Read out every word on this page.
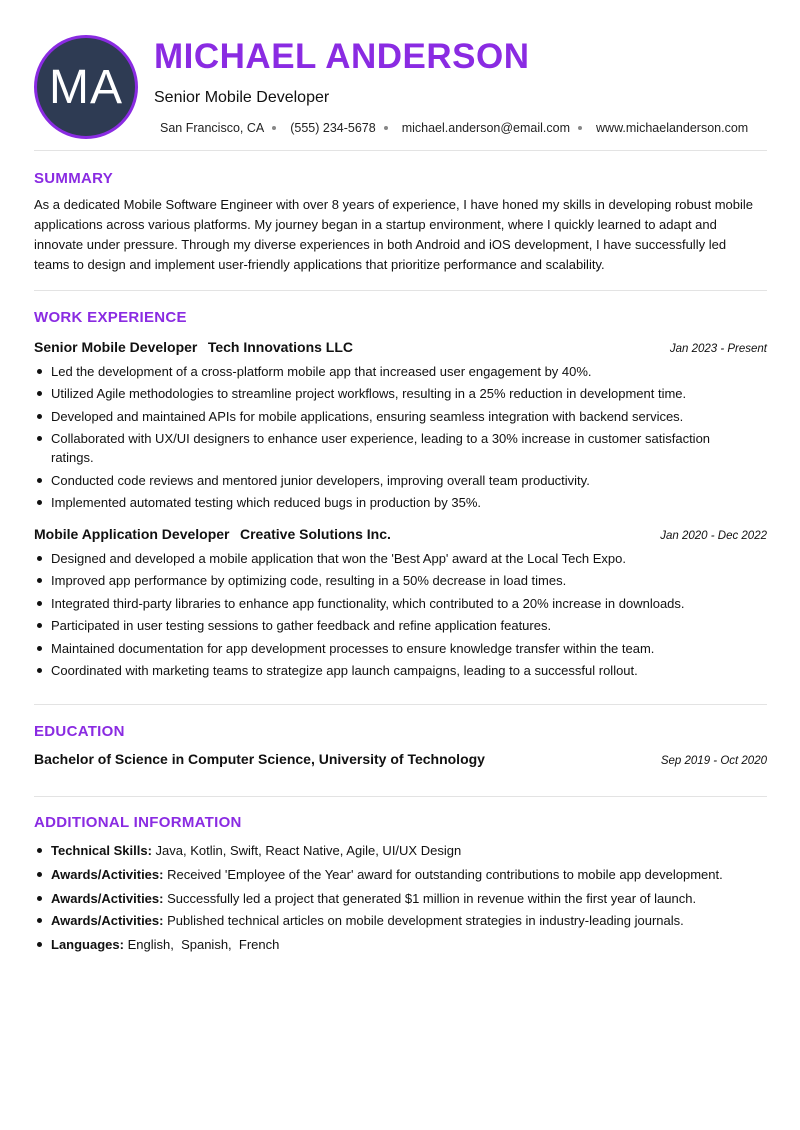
MA
MICHAEL ANDERSON
Senior Mobile Developer
San Francisco, CA (555) 234-5678 michael.anderson@email.com www.michaelanderson.com
SUMMARY

As a dedicated Mobile Software Engineer with over 8 years of experience, I have honed my skills in developing robust mobile applications across various platforms. My journey began in a startup environment, where I quickly learned to adapt and innovate under pressure. Through my diverse experiences in both Android and iOS development, I have successfully led teams to design and implement user-friendly applications that prioritize performance and scalability.

WORK EXPERIENCE
Senior Mobile Developer Tech Innovations LLC	Jan 2023 - Present
Led the development of a cross-platform mobile app that increased user engagement by 40%.
Utilized Agile methodologies to streamline project workflows, resulting in a 25% reduction in development time.
Developed and maintained APIs for mobile applications, ensuring seamless integration with backend services.
Collaborated with UX/UI designers to enhance user experience, leading to a 30% increase in customer satisfaction ratings.
Conducted code reviews and mentored junior developers, improving overall team productivity.
Implemented automated testing which reduced bugs in production by 35%.
Mobile Application Developer Creative Solutions Inc.	Jan 2020 - Dec 2022
Designed and developed a mobile application that won the 'Best App' award at the Local Tech Expo.
Improved app performance by optimizing code, resulting in a 50% decrease in load times.
Integrated third-party libraries to enhance app functionality, which contributed to a 20% increase in downloads.
Participated in user testing sessions to gather feedback and refine application features.
Maintained documentation for app development processes to ensure knowledge transfer within the team.
Coordinated with marketing teams to strategize app launch campaigns, leading to a successful rollout.
EDUCATION
Bachelor of Science in Computer Science, University of Technology	Sep 2019 - Oct 2020
ADDITIONAL INFORMATION
Technical Skills: Java, Kotlin, Swift, React Native, Agile, UI/UX Design
Awards/Activities: Received 'Employee of the Year' award for outstanding contributions to mobile app development.
Awards/Activities: Successfully led a project that generated $1 million in revenue within the first year of launch.
Awards/Activities: Published technical articles on mobile development strategies in industry-leading journals.
Languages: English,  Spanish,  French
